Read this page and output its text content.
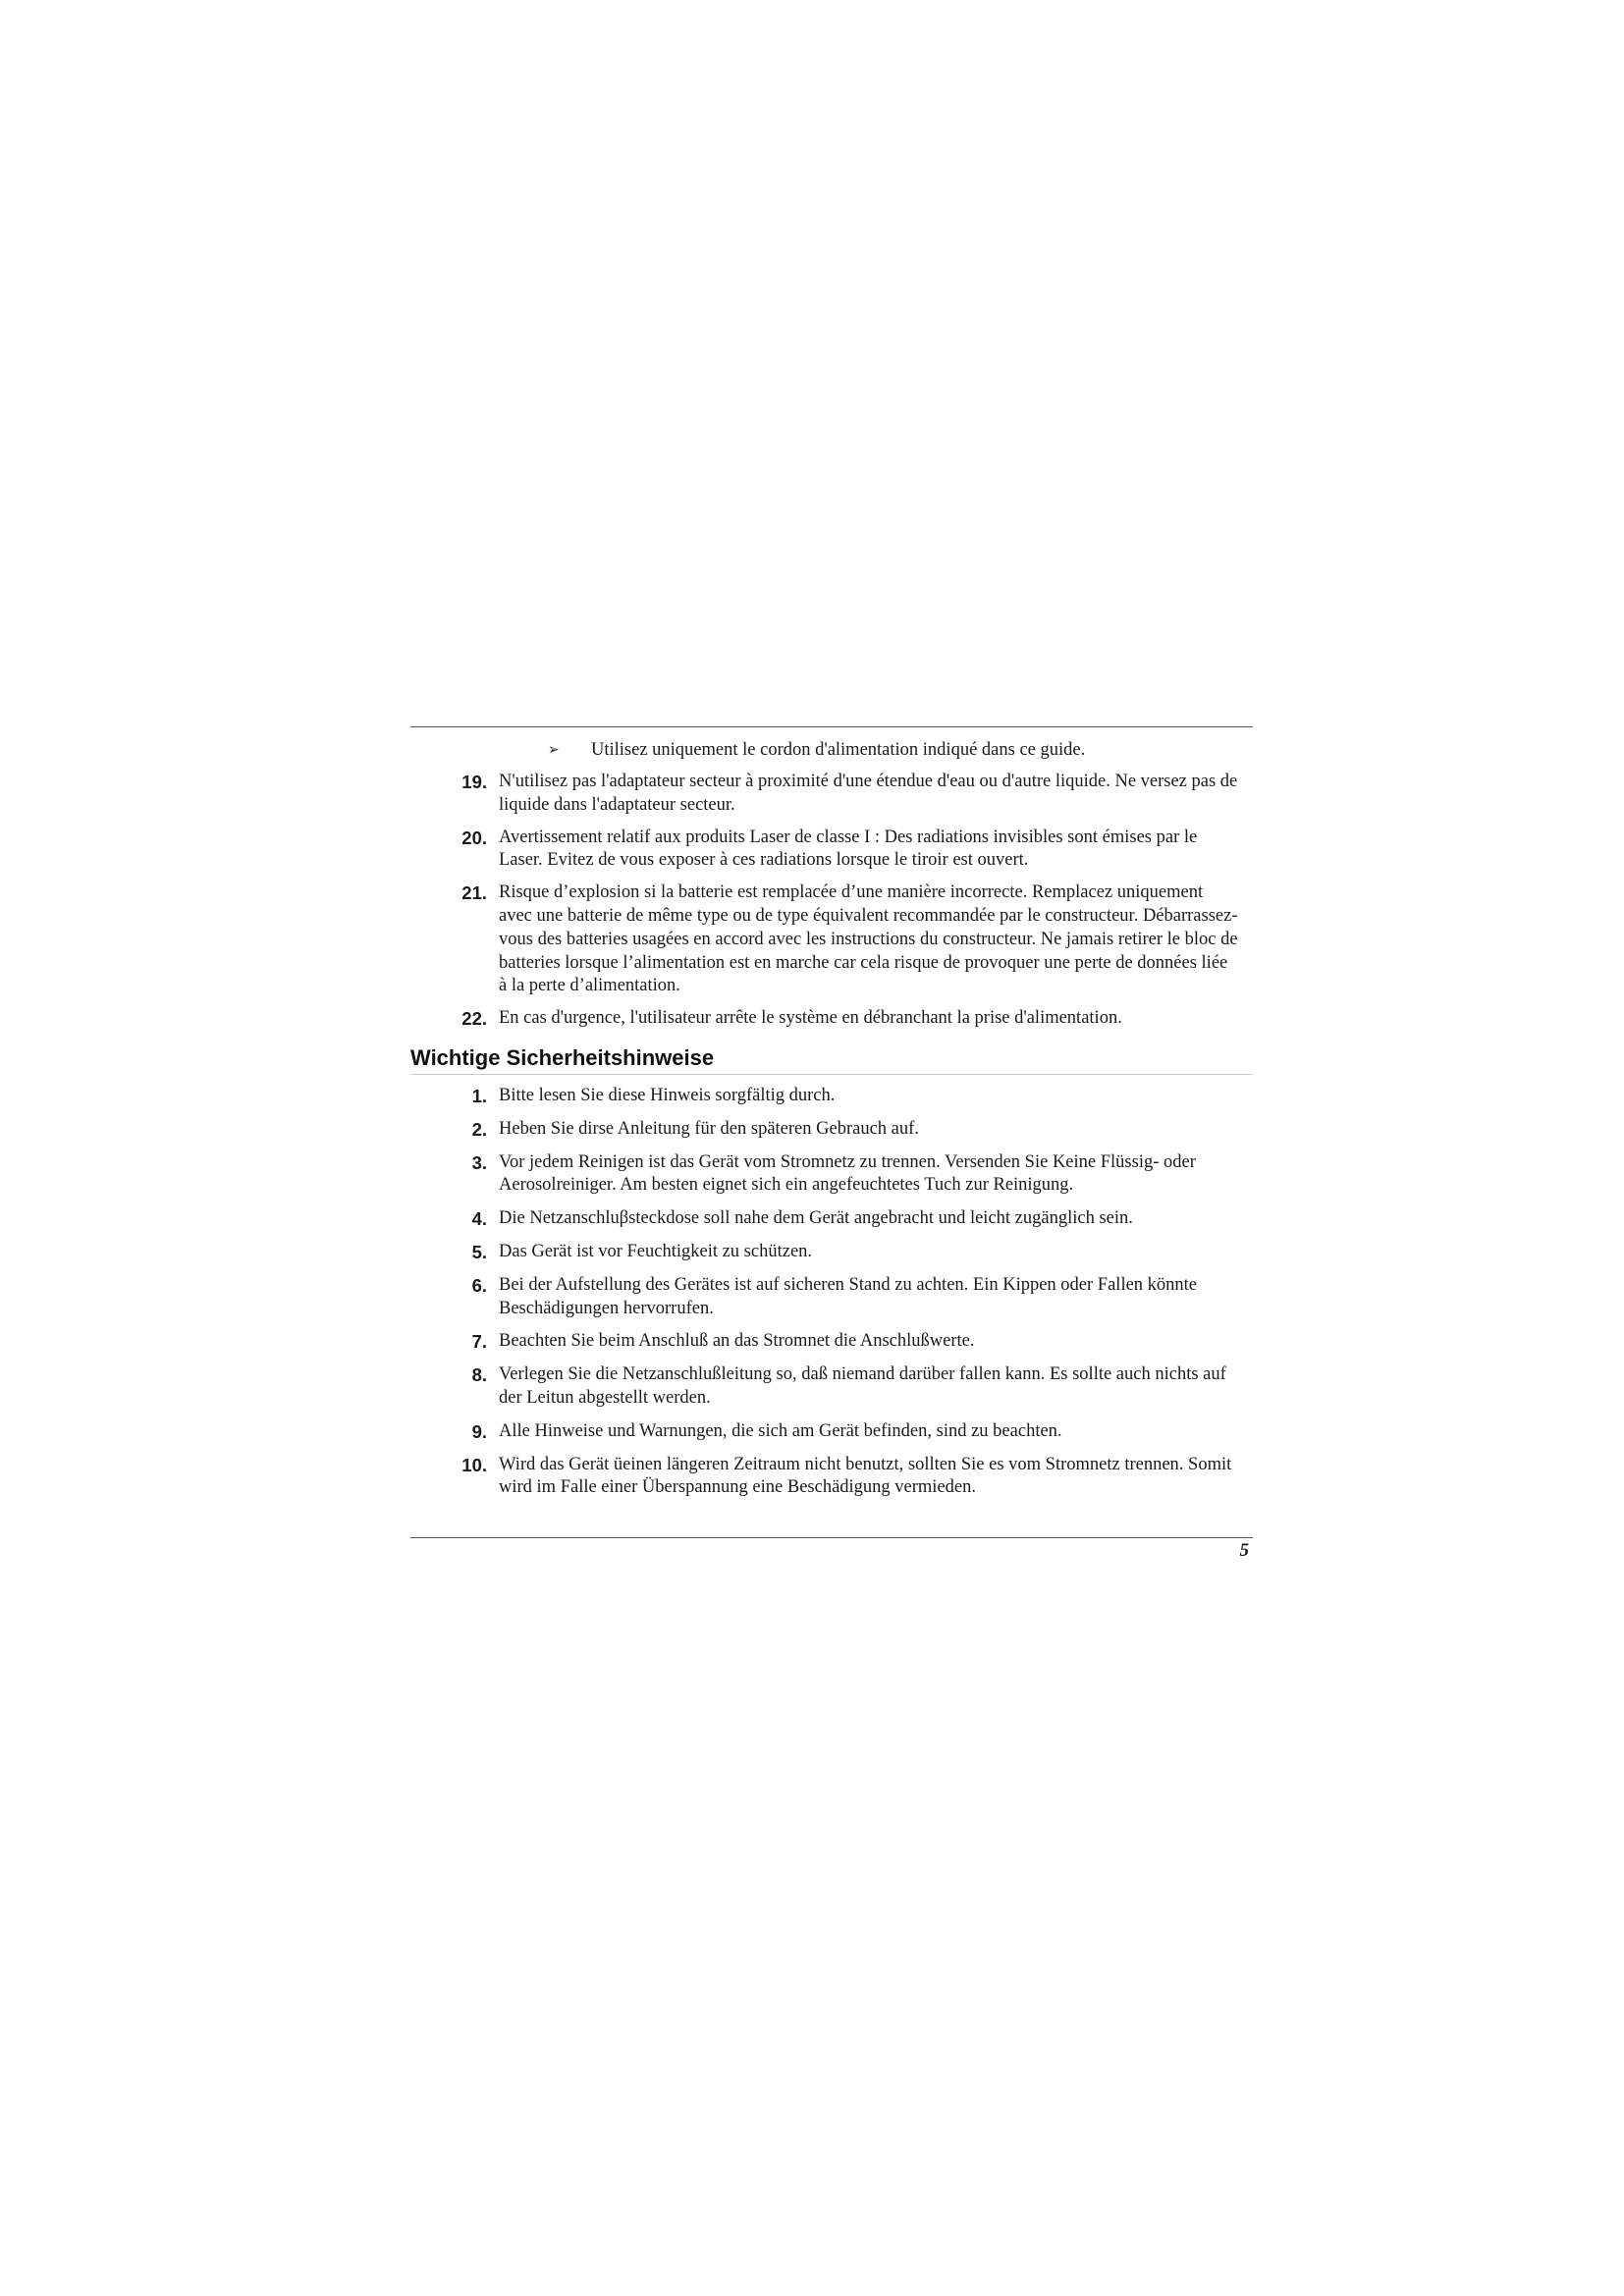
➢	Utilisez uniquement le cordon d'alimentation indiqué dans ce guide.
19. N'utilisez pas l'adaptateur secteur à proximité d'une étendue d'eau ou d'autre liquide. Ne versez pas de liquide dans l'adaptateur secteur.
20. Avertissement relatif aux produits Laser de classe I : Des radiations invisibles sont émises par le Laser. Evitez de vous exposer à ces radiations lorsque le tiroir est ouvert.
21. Risque d’explosion si la batterie est remplacée d’une manière incorrecte. Remplacez uniquement avec une batterie de même type ou de type équivalent recommandée par le constructeur. Débarrassez-vous des batteries usagées en accord avec les instructions du constructeur. Ne jamais retirer le bloc de batteries lorsque l’alimentation est en marche car cela risque de provoquer une perte de données liée à la perte d’alimentation.
22. En cas d'urgence, l'utilisateur arrête le système en débranchant la prise d'alimentation.
Wichtige Sicherheitshinweise
1. Bitte lesen Sie diese Hinweis sorgfältig durch.
2. Heben Sie dirse Anleitung für den späteren Gebrauch auf.
3. Vor jedem Reinigen ist das Gerät vom Stromnetz zu trennen. Versenden Sie Keine Flüssig- oder Aerosolreiniger. Am besten eignet sich ein angefeuchtetes Tuch zur Reinigung.
4. Die Netzanschluβsteckdose soll nahe dem Gerät angebracht und leicht zugänglich sein.
5. Das Gerät ist vor Feuchtigkeit zu schützen.
6. Bei der Aufstellung des Gerätes ist auf sicheren Stand zu achten. Ein Kippen oder Fallen könnte Beschädigungen hervorrufen.
7. Beachten Sie beim Anschluß an das Stromnet die Anschlußwerte.
8. Verlegen Sie die Netzanschlußleitung so, daß niemand darüber fallen kann. Es sollte auch nichts auf der Leitun abgestellt werden.
9. Alle Hinweise und Warnungen, die sich am Gerät befinden, sind zu beachten.
10. Wird das Gerät üeinen längeren Zeitraum nicht benutzt, sollten Sie es vom Stromnetz trennen. Somit wird im Falle einer Überspannung eine Beschädigung vermieden.
5
